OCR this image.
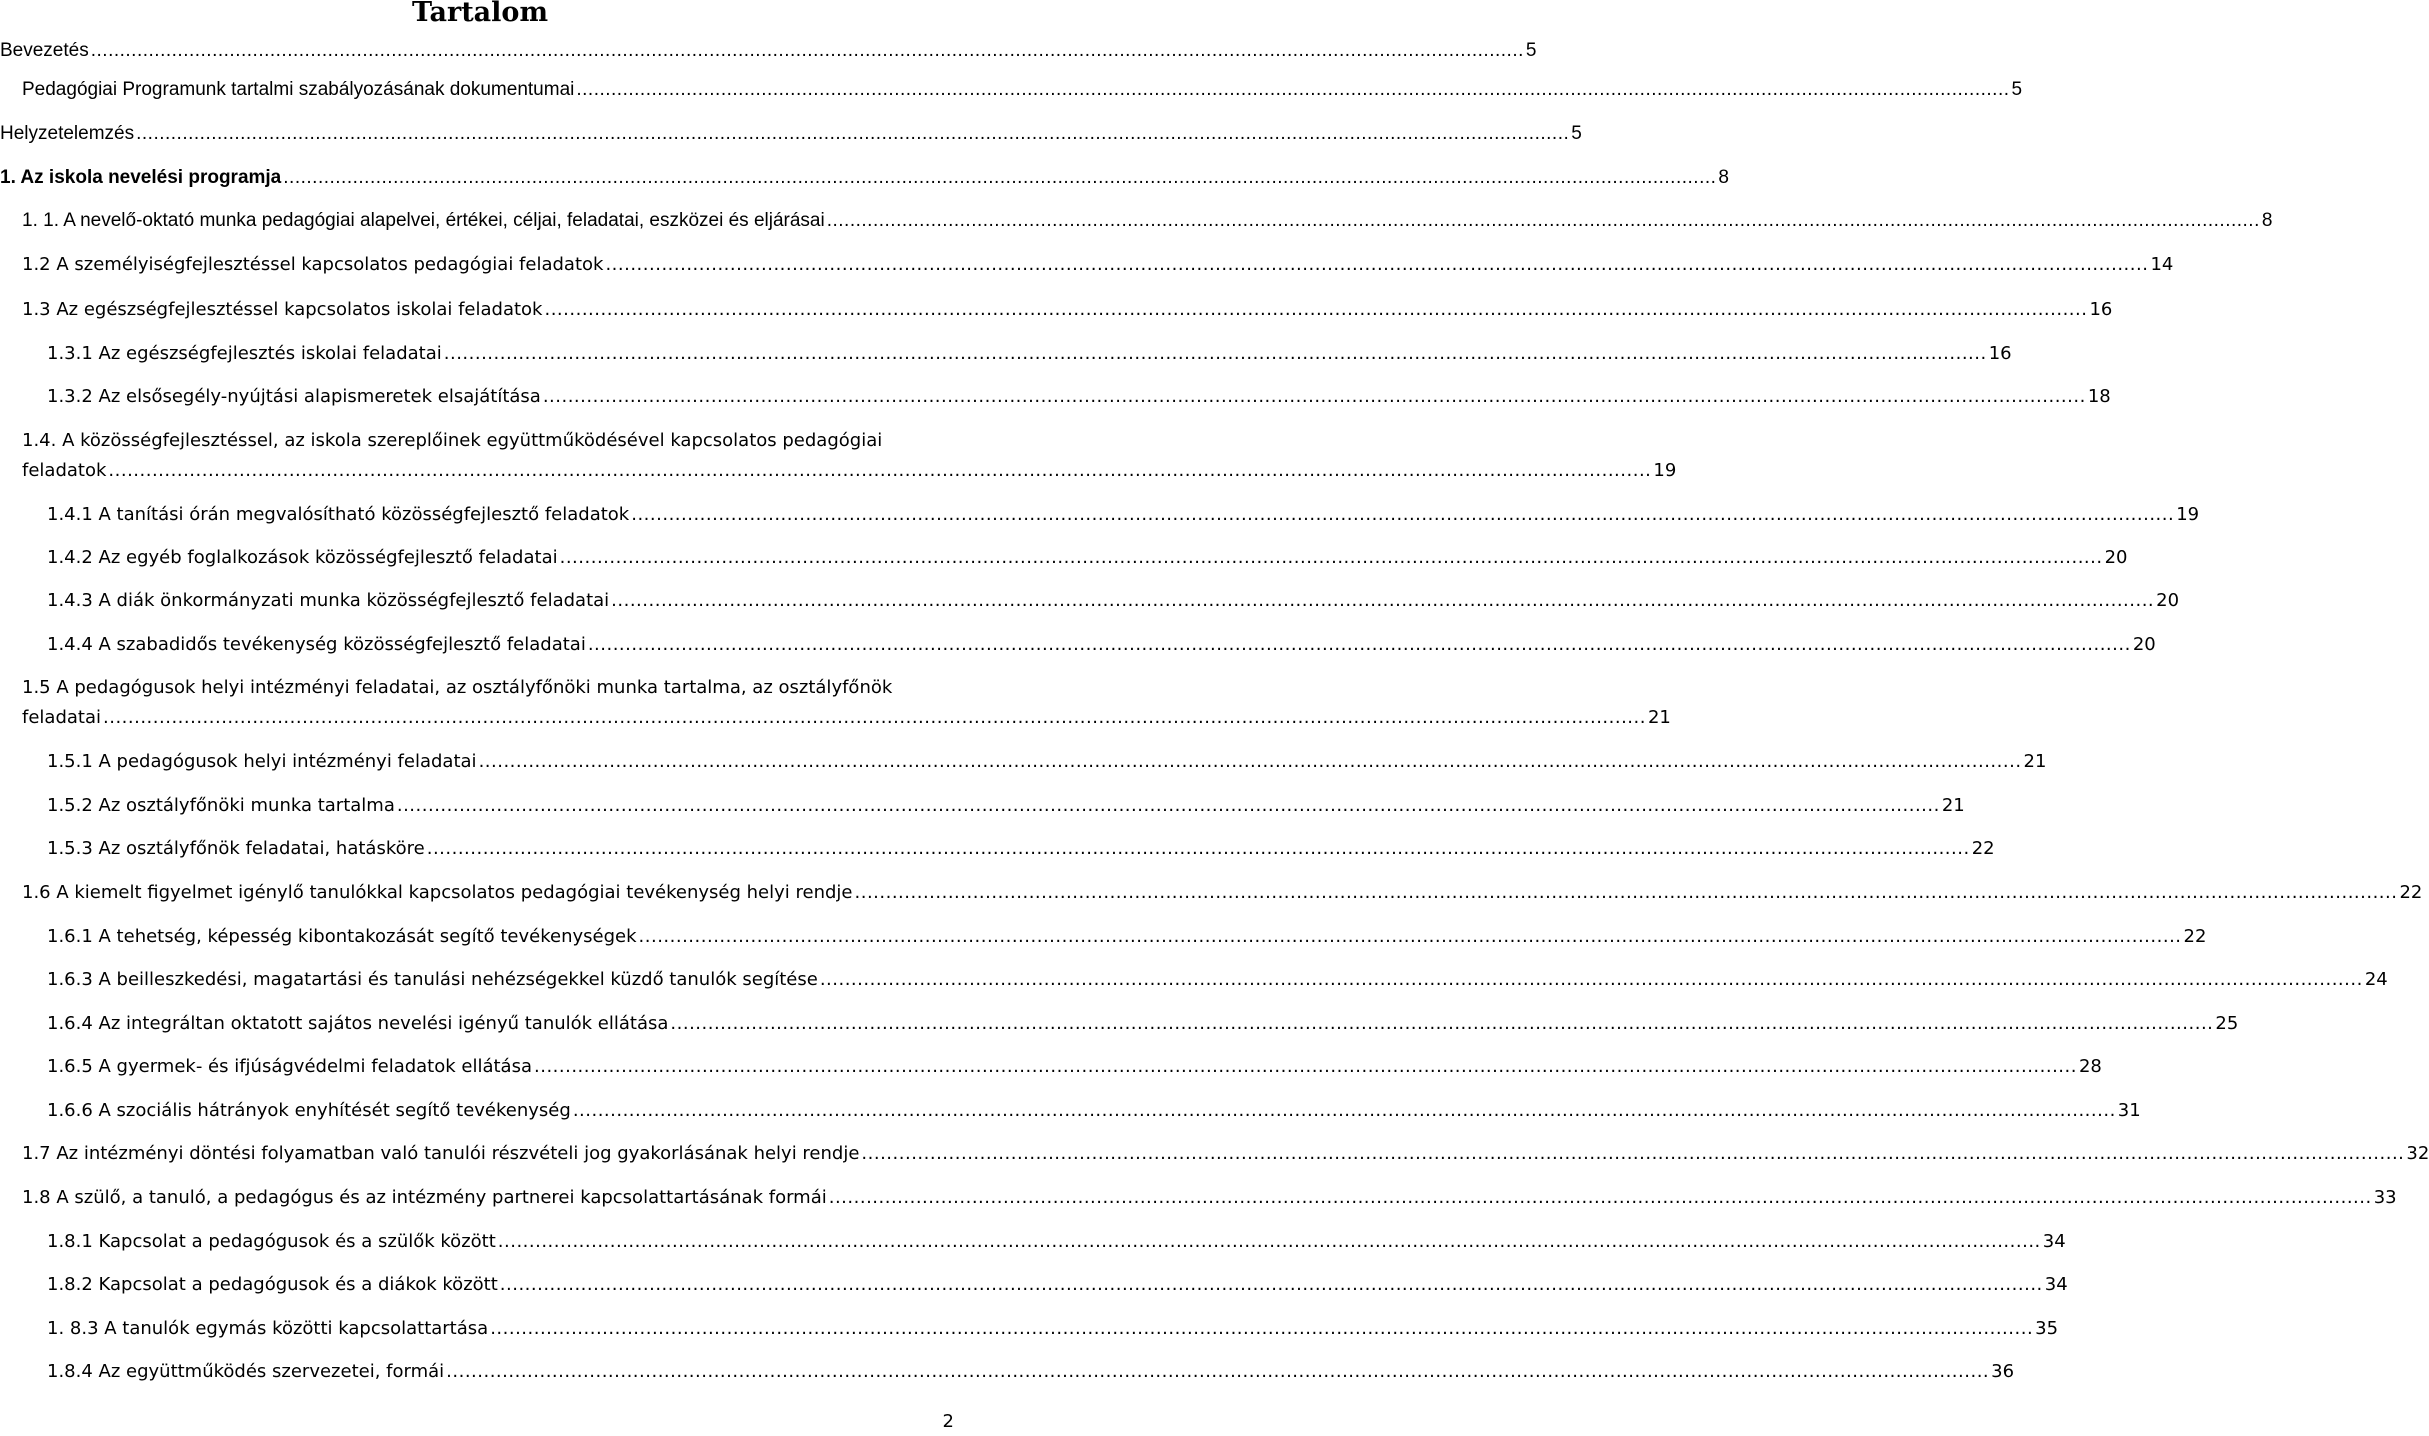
Tartalom
Bevezetés .....	5
Pedagógiai Programunk tartalmi szabályozásának dokumentumai .....	5
Helyzetelemzés .....	5
1. Az iskola nevelési programja .....	8
1. 1. A nevelő-oktató munka pedagógiai alapelvei, értékei, céljai, feladatai, eszközei és eljárásai .....	8
1.2 A személyiségfejlesztéssel kapcsolatos pedagógiai feladatok .....	14
1.3 Az egészségfejlesztéssel kapcsolatos iskolai feladatok .....	16
1.3.1 Az egészségfejlesztés iskolai feladatai .....	16
1.3.2 Az elsősegély-nyújtási alapismeretek elsajátítása .....	18
1.4. A közösségfejlesztéssel, az iskola szereplőinek együttműködésével kapcsolatos pedagógiai
feladatok .....	19
1.4.1 A tanítási órán megvalósítható közösségfejlesztő feladatok .....	19
1.4.2 Az egyéb foglalkozások közösségfejlesztő feladatai .....	20
1.4.3 A diák önkormányzati munka közösségfejlesztő feladatai .....	20
1.4.4 A szabadidős tevékenység közösségfejlesztő feladatai .....	20
1.5 A pedagógusok helyi intézményi feladatai, az osztályfőnöki munka tartalma, az osztályfőnök
feladatai .....	21
1.5.1 A pedagógusok helyi intézményi feladatai .....	21
1.5.2 Az osztályfőnöki munka tartalma .....	21
1.5.3 Az osztályfőnök feladatai, hatásköre .....	22
1.6 A kiemelt figyelmet igénylő tanulókkal kapcsolatos pedagógiai tevékenység helyi rendje .....	22
1.6.1 A tehetség, képesség kibontakozását segítő tevékenységek .....	22
1.6.3 A beilleszkedési, magatartási és tanulási nehézségekkel küzdő tanulók segítése .....	24
1.6.4 Az integráltan oktatott sajátos nevelési igényű tanulók ellátása .....	25
1.6.5 A gyermek- és ifjúságvédelmi feladatok ellátása .....	28
1.6.6 A szociális hátrányok enyhítését segítő tevékenység .....	31
1.7 Az intézményi döntési folyamatban való tanulói részvételi jog gyakorlásának helyi rendje .....	32
1.8 A szülő, a tanuló, a pedagógus és az intézmény partnerei kapcsolattartásának formái .....	33
1.8.1 Kapcsolat a pedagógusok és a szülők között .....	34
1.8.2 Kapcsolat a pedagógusok és a diákok között .....	34
1. 8.3 A tanulók egymás közötti kapcsolattartása .....	35
1.8.4 Az együttműködés szervezetei, formái .....	36
2
